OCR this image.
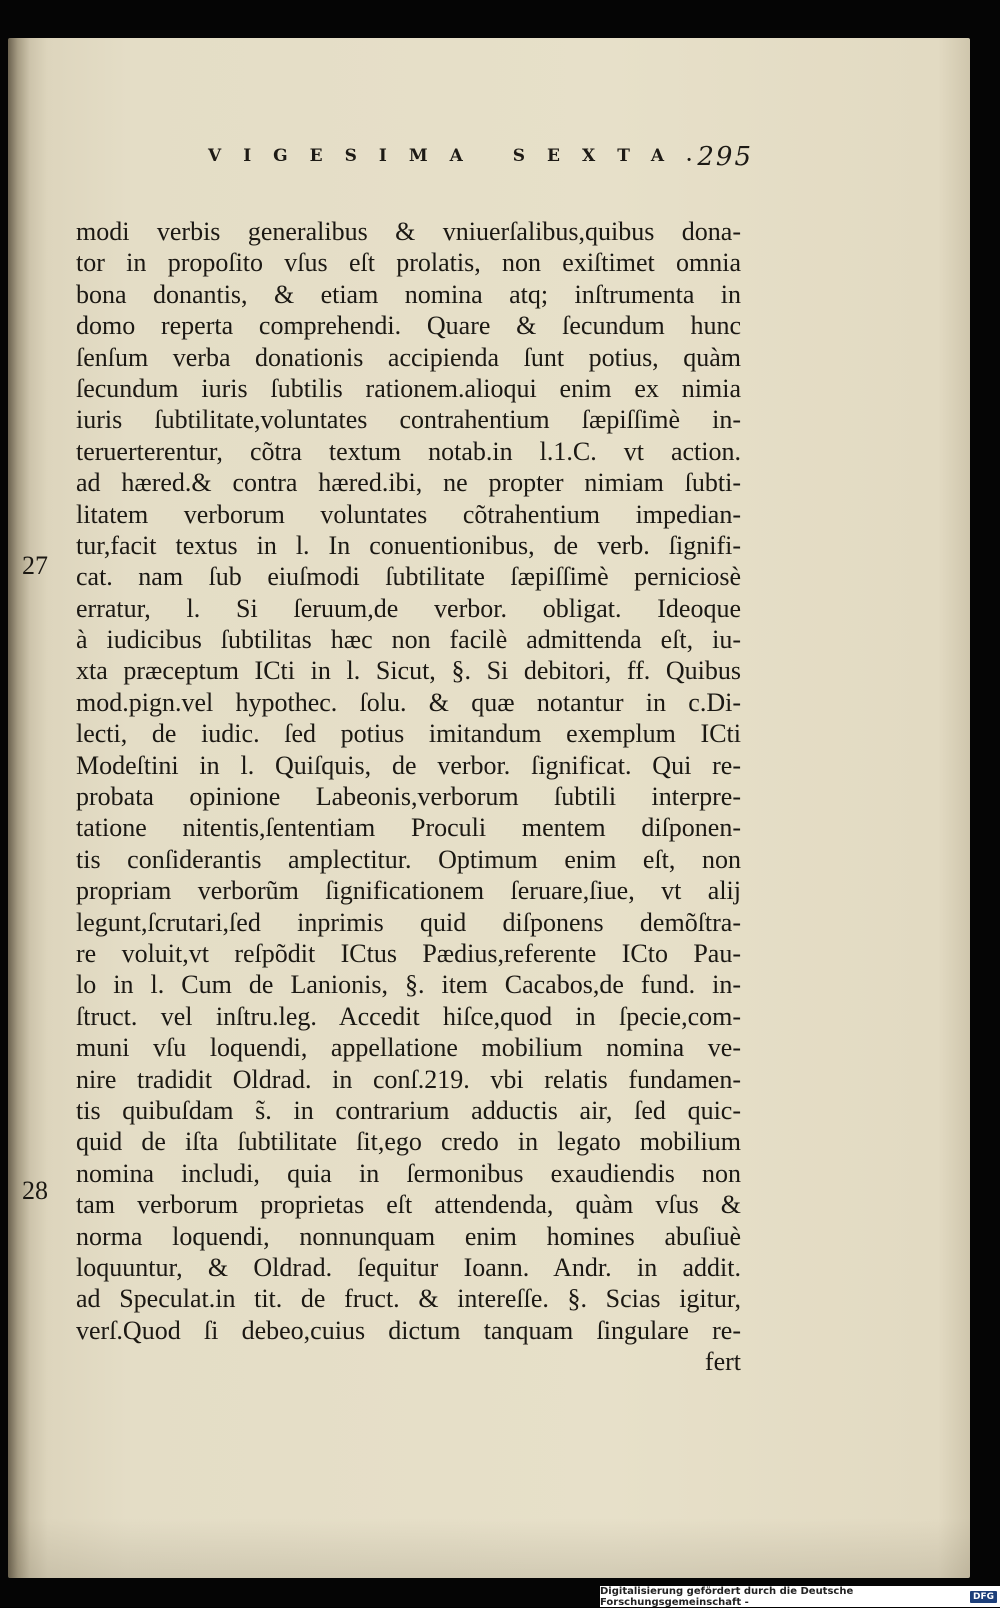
VIGESIMA SEXTA.
295
27
28
modi verbis generalibus & vniuerſalibus,quibus dona-
tor in propoſito vſus eſt prolatis, non exiſtimet omnia
bona donantis, & etiam nomina atq; inſtrumenta in
domo reperta comprehendi. Quare & ſecundum hunc
ſenſum verba donationis accipienda ſunt potius, quàm
ſecundum iuris ſubtilis rationem.alioqui enim ex nimia
iuris ſubtilitate,voluntates contrahentium ſæpiſſimè in-
teruerterentur, cõtra textum notab.in l.1.C. vt action.
ad hæred.& contra hæred.ibi, ne propter nimiam ſubti-
litatem verborum voluntates cõtrahentium impedian-
tur,facit textus in l. In conuentionibus, de verb. ſignifi-
cat. nam ſub eiuſmodi ſubtilitate ſæpiſſimè perniciosè
erratur, l. Si ſeruum,de verbor. obligat. Ideoque
à iudicibus ſubtilitas hæc non facilè admittenda eſt, iu-
xta præceptum ICti in l. Sicut, §. Si debitori, ff. Quibus
mod.pign.vel hypothec. ſolu. & quæ notantur in c.Di-
lecti, de iudic. ſed potius imitandum exemplum ICti
Modeſtini in l. Quiſquis, de verbor. ſignificat. Qui re-
probata opinione Labeonis,verborum ſubtili interpre-
tatione nitentis,ſententiam Proculi mentem diſponen-
tis conſiderantis amplectitur. Optimum enim eſt, non
propriam verborũm ſignificationem ſeruare,ſiue, vt alij
legunt,ſcrutari,ſed inprimis quid diſponens demõſtra-
re voluit,vt reſpõdit ICtus Pædius,referente ICto Pau-
lo in l. Cum de Lanionis, §. item Cacabos,de fund. in-
ſtruct. vel inſtru.leg. Accedit hiſce,quod in ſpecie,com-
muni vſu loquendi, appellatione mobilium nomina ve-
nire tradidit Oldrad. in conſ.219. vbi relatis fundamen-
tis quibuſdam s̃. in contrarium adductis air, ſed quic-
quid de iſta ſubtilitate ſit,ego credo in legato mobilium
nomina includi, quia in ſermonibus exaudiendis non
tam verborum proprietas eſt attendenda, quàm vſus &
norma loquendi, nonnunquam enim homines abuſiuè
loquuntur, & Oldrad. ſequitur Ioann. Andr. in addit.
ad Speculat.in tit. de fruct. & intereſſe. §. Scias igitur,
verſ.Quod ſi debeo,cuius dictum tanquam ſingulare re-
fert
Digitalisierung gefördert durch die Deutsche Forschungsgemeinschaft -	DFG
